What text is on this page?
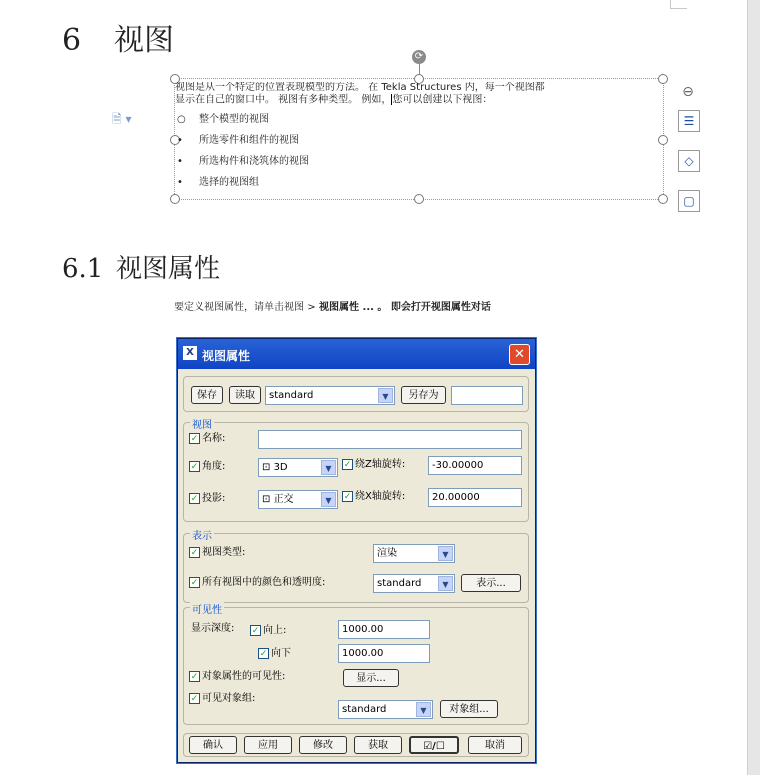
6 视图	⟳

视图是从一个特定的位置表现模型的方法。 在 Tekla Structures 内，每一个视图都

显示在自己的窗口中。 视图有多种类型。 例如，您可以创建以下视图：

○ 整个模型的视图
• 所选零件和组件的视图
• 所选构件和浇筑体的视图
• 选择的视图组
🗎 ▾
⊖
☰
◇
▢
6.1 视图属性
要定义视图属性，请单击视图 > 视图属性 ... 。 即会打开视图属性对话
X 视图属性	✕
保存	读取	standard	▼	另存为
视图
✓ 名称:
✓ 角度:	⊡ 3D	▼	✓ 绕Z轴旋转:	-30.00000
✓ 投影:	⊡ 正交	▼	✓ 绕X轴旋转:	20.00000
表示
✓ 视图类型:	渲染	▼
✓ 所有视图中的颜色和透明度:	standard	▼	表示...
可见性
显示深度: ✓ 向上:	1000.00
✓ 向下	1000.00
✓ 对象属性的可见性:	显示...
✓ 可见对象组:
standard	▼	对象组...
确认	应用	修改	获取	☑/☐	取消
